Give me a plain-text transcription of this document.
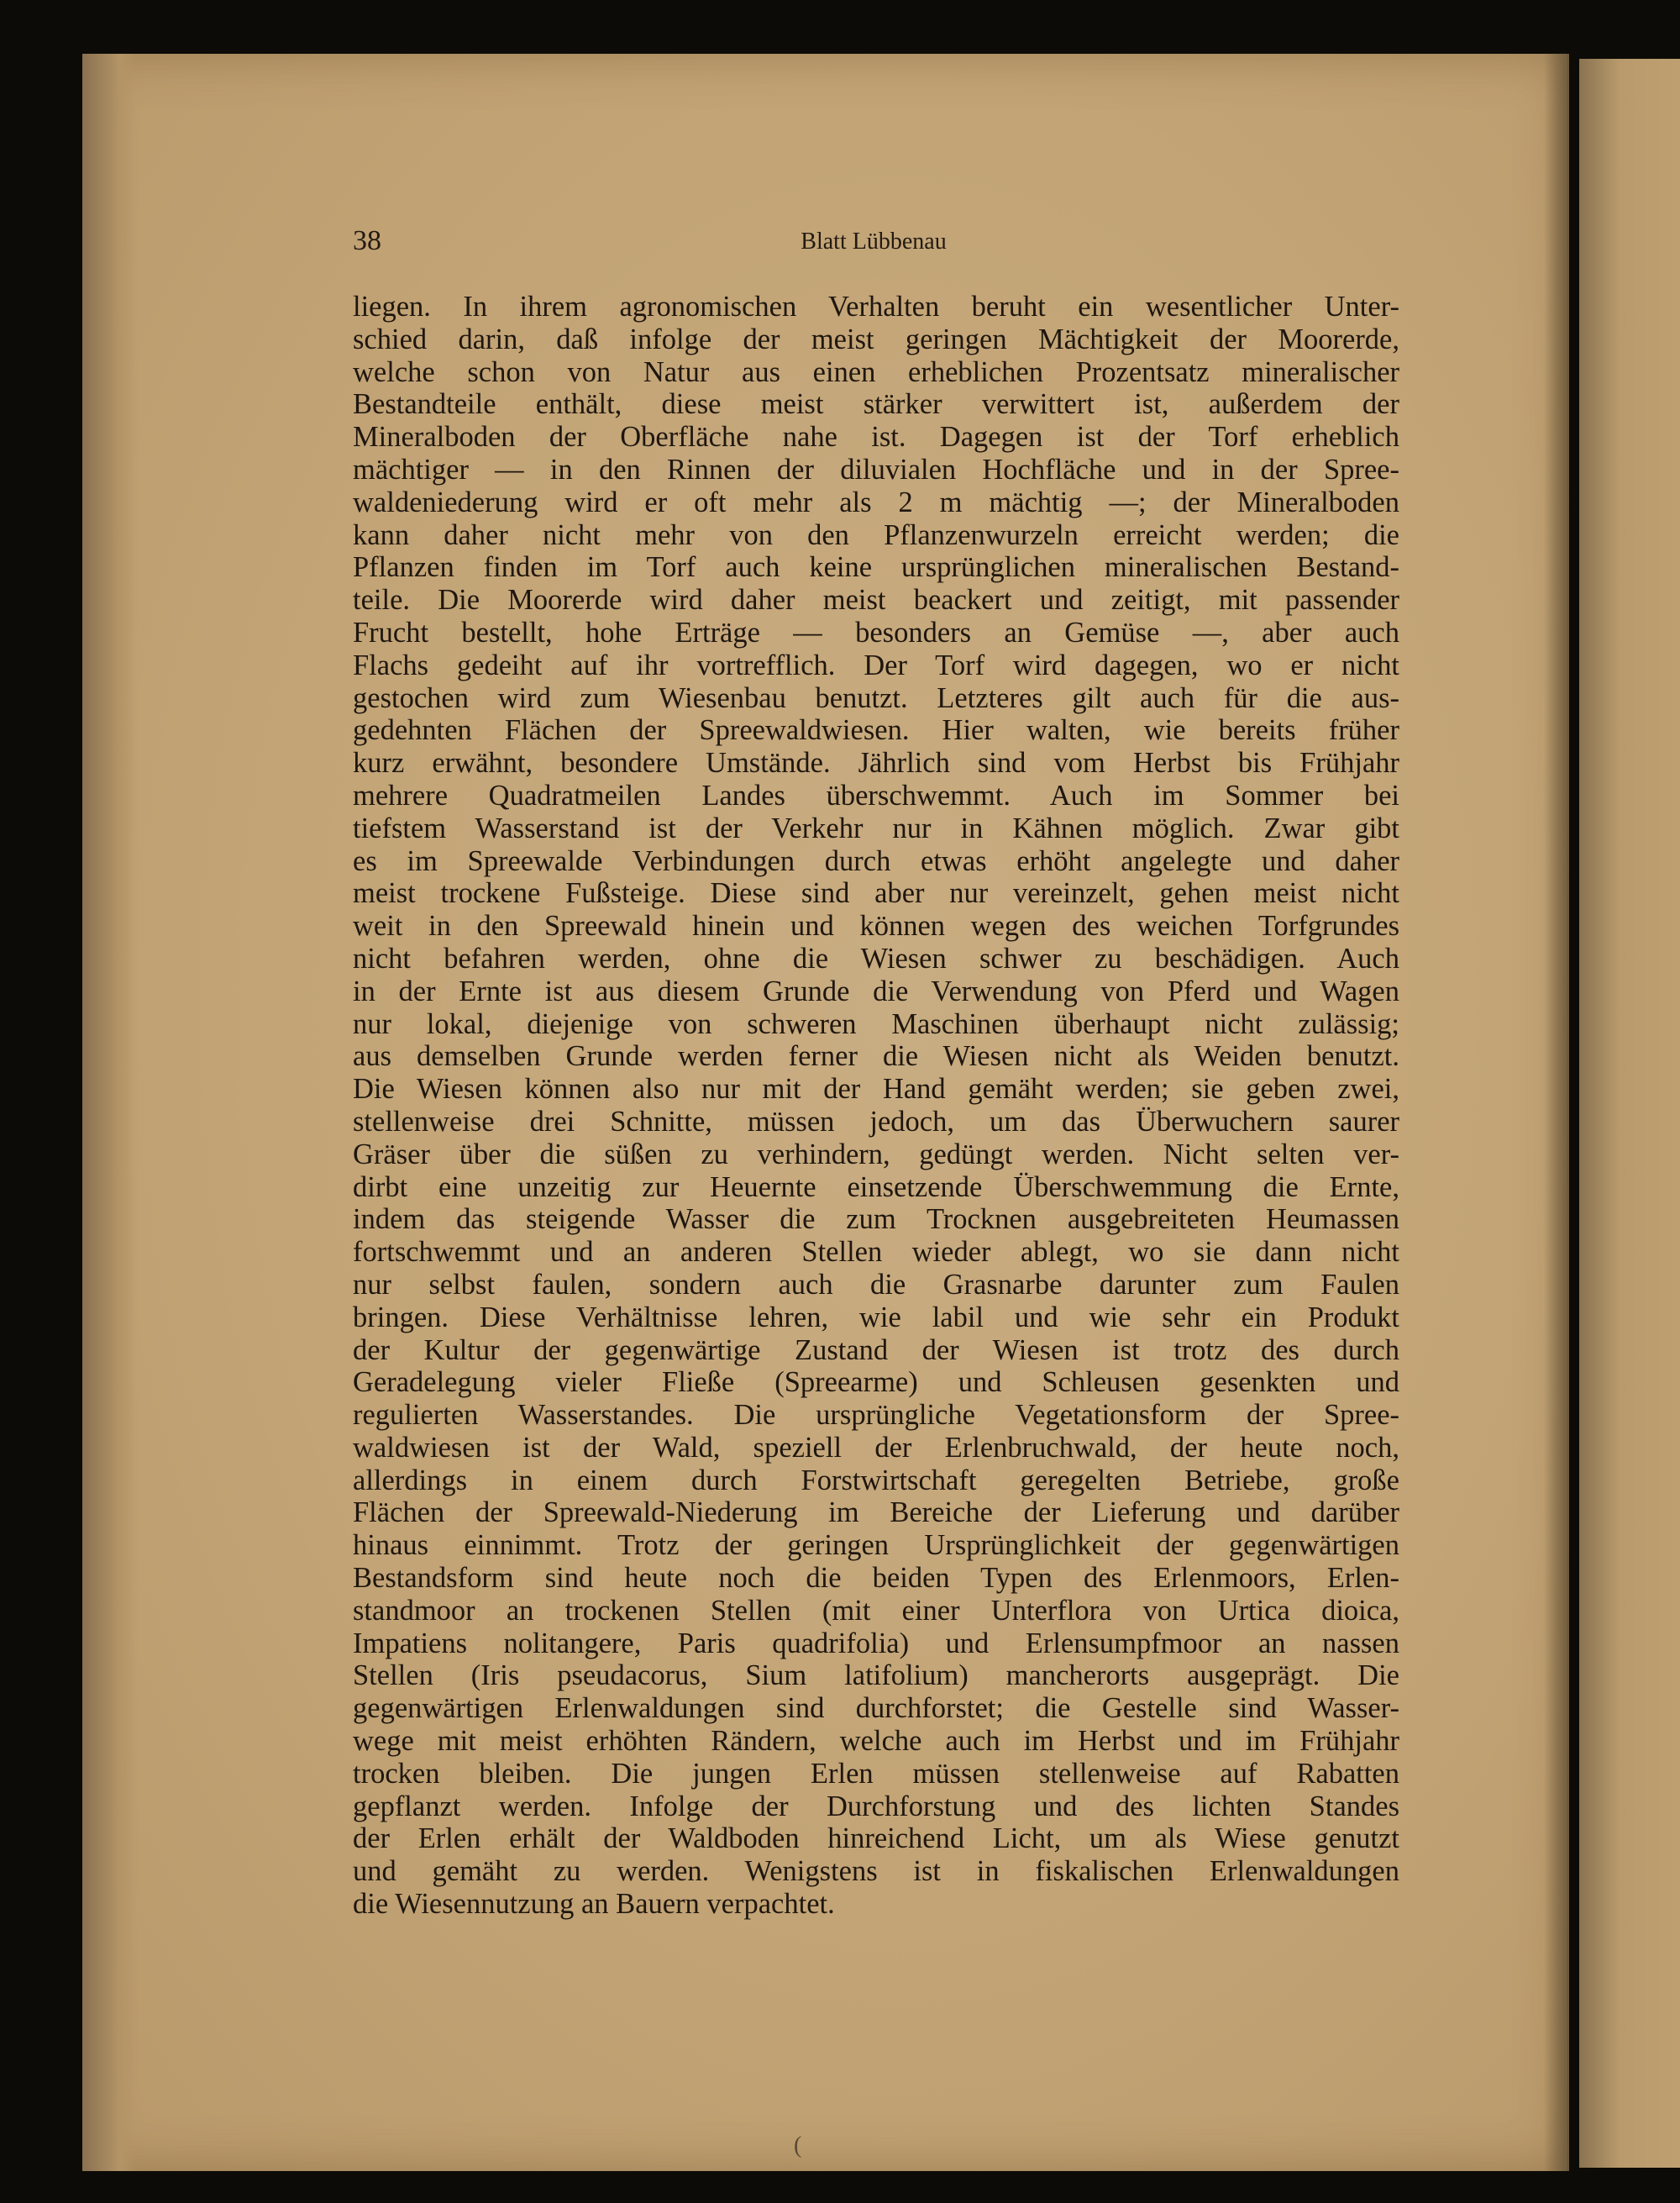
38	Blatt Lübbenau
liegen. In ihrem agronomischen Verhalten beruht ein wesentlicher Unter-
schied darin, daß infolge der meist geringen Mächtigkeit der Moorerde,
welche schon von Natur aus einen erheblichen Prozentsatz mineralischer
Bestandteile enthält, diese meist stärker verwittert ist, außerdem der
Mineralboden der Oberfläche nahe ist. Dagegen ist der Torf erheblich
mächtiger — in den Rinnen der diluvialen Hochfläche und in der Spree-
waldeniederung wird er oft mehr als 2 m mächtig —; der Mineralboden
kann daher nicht mehr von den Pflanzenwurzeln erreicht werden; die
Pflanzen finden im Torf auch keine ursprünglichen mineralischen Bestand-
teile. Die Moorerde wird daher meist beackert und zeitigt, mit passender
Frucht bestellt, hohe Erträge — besonders an Gemüse —, aber auch
Flachs gedeiht auf ihr vortrefflich. Der Torf wird dagegen, wo er nicht
gestochen wird zum Wiesenbau benutzt. Letzteres gilt auch für die aus-
gedehnten Flächen der Spreewaldwiesen. Hier walten, wie bereits früher
kurz erwähnt, besondere Umstände. Jährlich sind vom Herbst bis Frühjahr
mehrere Quadratmeilen Landes überschwemmt. Auch im Sommer bei
tiefstem Wasserstand ist der Verkehr nur in Kähnen möglich. Zwar gibt
es im Spreewalde Verbindungen durch etwas erhöht angelegte und daher
meist trockene Fußsteige. Diese sind aber nur vereinzelt, gehen meist nicht
weit in den Spreewald hinein und können wegen des weichen Torfgrundes
nicht befahren werden, ohne die Wiesen schwer zu beschädigen. Auch
in der Ernte ist aus diesem Grunde die Verwendung von Pferd und Wagen
nur lokal, diejenige von schweren Maschinen überhaupt nicht zulässig;
aus demselben Grunde werden ferner die Wiesen nicht als Weiden benutzt.
Die Wiesen können also nur mit der Hand gemäht werden; sie geben zwei,
stellenweise drei Schnitte, müssen jedoch, um das Überwuchern saurer
Gräser über die süßen zu verhindern, gedüngt werden. Nicht selten ver-
dirbt eine unzeitig zur Heuernte einsetzende Überschwemmung die Ernte,
indem das steigende Wasser die zum Trocknen ausgebreiteten Heumassen
fortschwemmt und an anderen Stellen wieder ablegt, wo sie dann nicht
nur selbst faulen, sondern auch die Grasnarbe darunter zum Faulen
bringen. Diese Verhältnisse lehren, wie labil und wie sehr ein Produkt
der Kultur der gegenwärtige Zustand der Wiesen ist trotz des durch
Geradelegung vieler Fließe (Spreearme) und Schleusen gesenkten und
regulierten Wasserstandes. Die ursprüngliche Vegetationsform der Spree-
waldwiesen ist der Wald, speziell der Erlenbruchwald, der heute noch,
allerdings in einem durch Forstwirtschaft geregelten Betriebe, große
Flächen der Spreewald-Niederung im Bereiche der Lieferung und darüber
hinaus einnimmt. Trotz der geringen Ursprünglichkeit der gegenwärtigen
Bestandsform sind heute noch die beiden Typen des Erlenmoors, Erlen-
standmoor an trockenen Stellen (mit einer Unterflora von Urtica dioica,
Impatiens nolitangere, Paris quadrifolia) und Erlensumpfmoor an nassen
Stellen (Iris pseudacorus, Sium latifolium) mancherorts ausgeprägt. Die
gegenwärtigen Erlenwaldungen sind durchforstet; die Gestelle sind Wasser-
wege mit meist erhöhten Rändern, welche auch im Herbst und im Frühjahr
trocken bleiben. Die jungen Erlen müssen stellenweise auf Rabatten
gepflanzt werden. Infolge der Durchforstung und des lichten Standes
der Erlen erhält der Waldboden hinreichend Licht, um als Wiese genutzt
und gemäht zu werden. Wenigstens ist in fiskalischen Erlenwaldungen
die Wiesennutzung an Bauern verpachtet.
(
